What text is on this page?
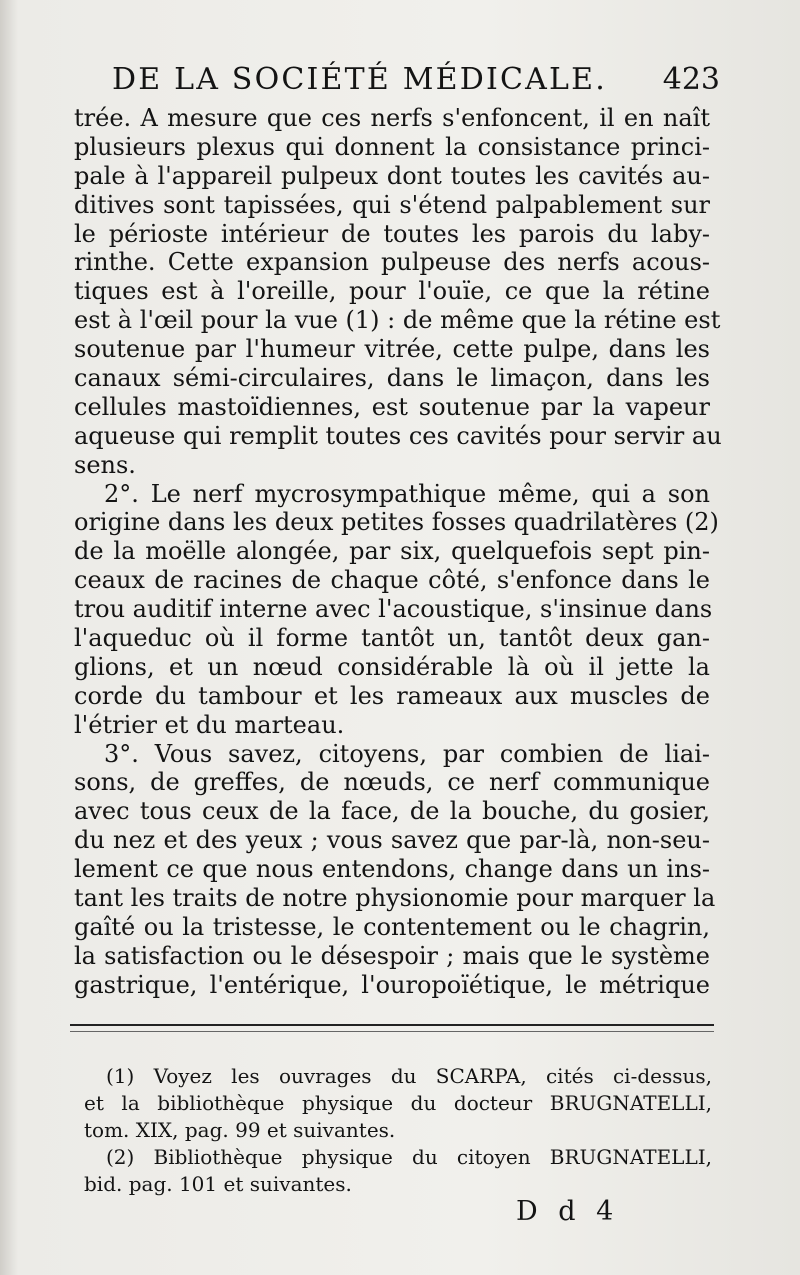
DE LA SOCIÉTÉ MÉDICALE. 423
trée. A mesure que ces nerfs s'enfoncent, il en naît
plusieurs plexus qui donnent la consistance princi-
pale à l'appareil pulpeux dont toutes les cavités au-
ditives sont tapissées, qui s'étend palpablement sur
le périoste intérieur de toutes les parois du laby-
rinthe. Cette expansion pulpeuse des nerfs acous-
tiques est à l'oreille, pour l'ouïe, ce que la rétine
est à l'œil pour la vue (1) : de même que la rétine est
soutenue par l'humeur vitrée, cette pulpe, dans les
canaux sémi-circulaires, dans le limaçon, dans les
cellules mastoïdiennes, est soutenue par la vapeur
aqueuse qui remplit toutes ces cavités pour servir au
sens.
2°. Le nerf mycrosympathique même, qui a son
origine dans les deux petites fosses quadrilatères (2)
de la moëlle alongée, par six, quelquefois sept pin-
ceaux de racines de chaque côté, s'enfonce dans le
trou auditif interne avec l'acoustique, s'insinue dans
l'aqueduc où il forme tantôt un, tantôt deux gan-
glions, et un nœud considérable là où il jette la
corde du tambour et les rameaux aux muscles de
l'étrier et du marteau.
3°. Vous savez, citoyens, par combien de liai-
sons, de greffes, de nœuds, ce nerf communique
avec tous ceux de la face, de la bouche, du gosier,
du nez et des yeux ; vous savez que par-là, non-seu-
lement ce que nous entendons, change dans un ins-
tant les traits de notre physionomie pour marquer la
gaîté ou la tristesse, le contentement ou le chagrin,
la satisfaction ou le désespoir ; mais que le système
gastrique, l'entérique, l'ouropoïétique, le métrique
(1) Voyez les ouvrages du SCARPA, cités ci-dessus,
et la bibliothèque physique du docteur BRUGNATELLI,
tom. XIX, pag. 99 et suivantes.
(2) Bibliothèque physique du citoyen BRUGNATELLI,
bid. pag. 101 et suivantes.
D d 4
